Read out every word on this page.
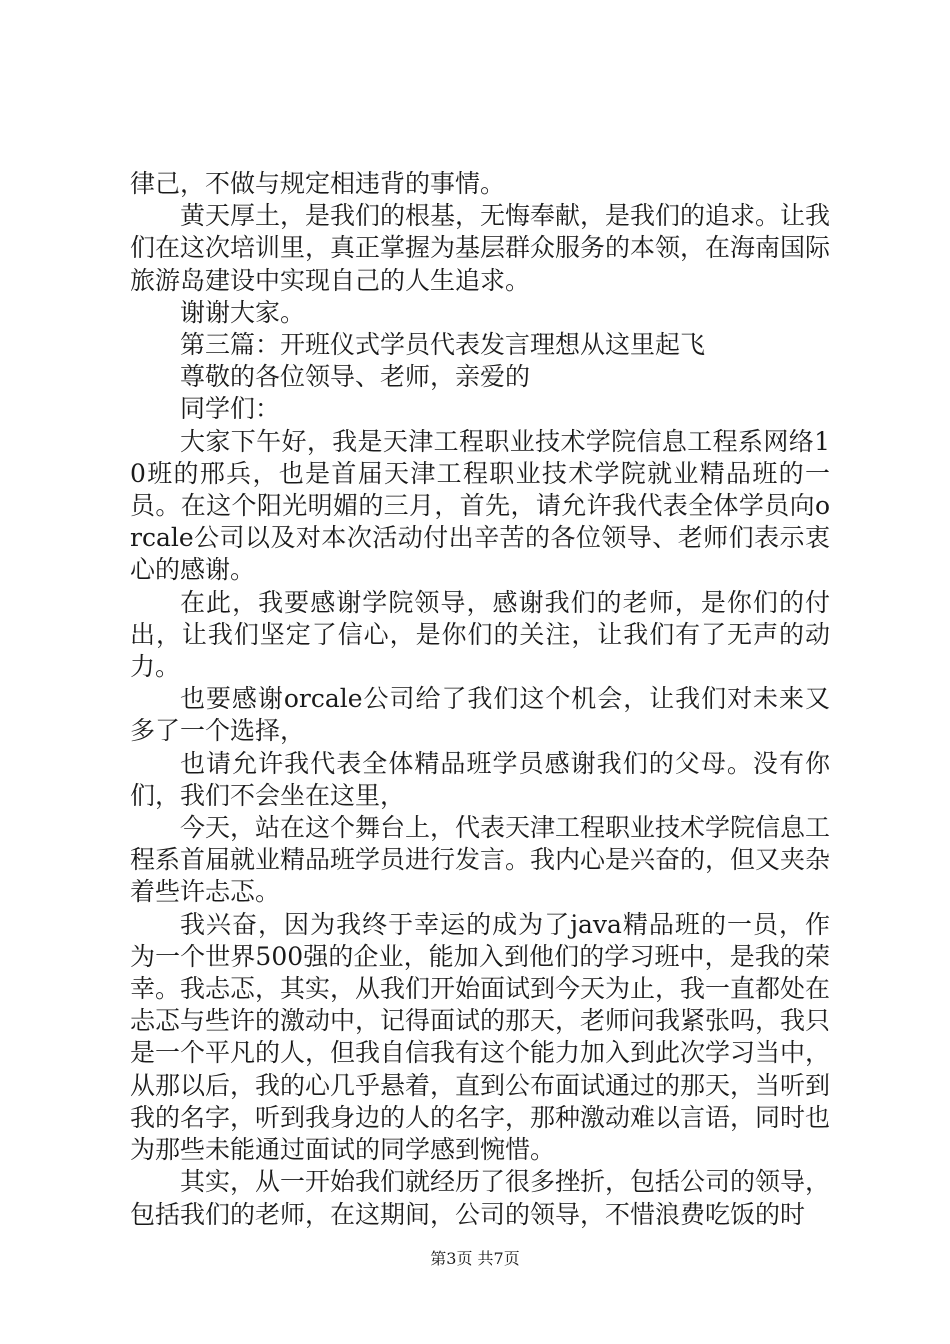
律己，不做与规定相违背的事情。

黄天厚土，是我们的根基，无悔奉献，是我们的追求。让我们在这次培训里，真正掌握为基层群众服务的本领，在海南国际旅游岛建设中实现自己的人生追求。

谢谢大家。

第三篇：开班仪式学员代表发言理想从这里起飞

尊敬的各位领导、老师，亲爱的

同学们：

大家下午好，我是天津工程职业技术学院信息工程系网络10班的邢兵，也是首届天津工程职业技术学院就业精品班的一员。在这个阳光明媚的三月，首先，请允许我代表全体学员向orcale公司以及对本次活动付出辛苦的各位领导、老师们表示衷心的感谢。

在此，我要感谢学院领导，感谢我们的老师，是你们的付出，让我们坚定了信心，是你们的关注，让我们有了无声的动力。

也要感谢orcale公司给了我们这个机会，让我们对未来又多了一个选择，

也请允许我代表全体精品班学员感谢我们的父母。没有你们，我们不会坐在这里，

今天，站在这个舞台上，代表天津工程职业技术学院信息工程系首届就业精品班学员进行发言。我内心是兴奋的，但又夹杂着些许忐忑。

我兴奋，因为我终于幸运的成为了java精品班的一员，作为一个世界500强的企业，能加入到他们的学习班中，是我的荣幸。我忐忑，其实，从我们开始面试到今天为止，我一直都处在忐忑与些许的激动中，记得面试的那天，老师问我紧张吗，我只是一个平凡的人，但我自信我有这个能力加入到此次学习当中，从那以后，我的心几乎悬着，直到公布面试通过的那天，当听到我的名字，听到我身边的人的名字，那种激动难以言语，同时也为那些未能通过面试的同学感到惋惜。

其实，从一开始我们就经历了很多挫折，包括公司的领导，包括我们的老师，在这期间，公司的领导，不惜浪费吃饭的时

第3页 共7页
